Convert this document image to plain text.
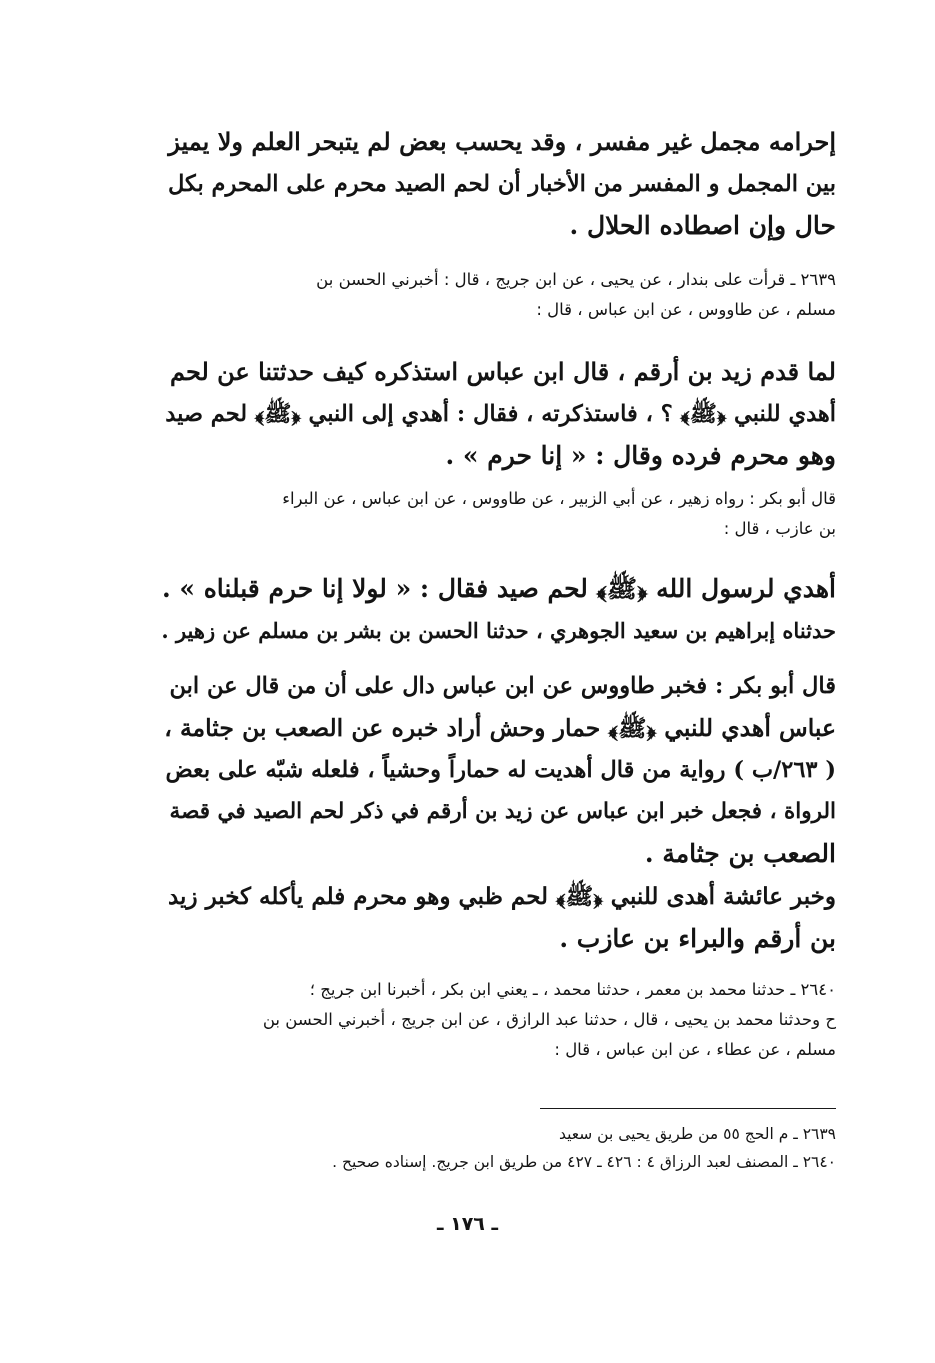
إحرامه مجمل غير مفسر ، وقد يحسب بعض لم يتبحر العلم ولا يميز

بين المجمل و المفسر من الأخبار أن لحم الصيد محرم على المحرم بكل

حال وإن اصطاده الحلال .

٢٦٣٩ ـ قرأت على بندار ، عن يحيى ، عن ابن جريج ، قال : أخبرني الحسن بن

مسلم ، عن طاووس ، عن ابن عباس ، قال :

لما قدم زيد بن أرقم ، قال ابن عباس استذكره كيف حدثتنا عن لحم

أهدي للنبي ﴿ﷺ﴾ ؟ ، فاستذكرته ، فقال : أهدي إلى النبي ﴿ﷺ﴾ لحم صيد

وهو محرم فرده وقال : « إنا حرم » .

قال أبو بكر : رواه زهير ، عن أبي الزبير ، عن طاووس ، عن ابن عباس ، عن البراء

بن عازب ، قال :

أهدي لرسول الله ﴿ﷺ﴾ لحم صيد فقال : « لولا إنا حرم قبلناه » .

حدثناه إبراهيم بن سعيد الجوهري ، حدثنا الحسن بن بشر بن مسلم عن زهير .

قال أبو بكر : فخبر طاووس عن ابن عباس دال على أن من قال عن ابن

عباس أهدي للنبي ﴿ﷺ﴾ حمار وحش أراد خبره عن الصعب بن جثامة ،

( ٢٦٣/ب ) رواية من قال أهديت له حماراً وحشياً ، فلعله شبّه على بعض

الرواة ، فجعل خبر ابن عباس عن زيد بن أرقم في ذكر لحم الصيد في قصة

الصعب بن جثامة .

وخبر عائشة أهدى للنبي ﴿ﷺ﴾ لحم ظبي وهو محرم فلم يأكله كخبر زيد

بن أرقم والبراء بن عازب .

٢٦٤٠ ـ حدثنا محمد بن معمر ، حدثنا محمد ، ـ يعني ابن بكر ، أخبرنا ابن جريج ؛

ح وحدثنا محمد بن يحيى ، قال ، حدثنا عبد الرازق ، عن ابن جريج ، أخبرني الحسن بن

مسلم ، عن عطاء ، عن ابن عباس ، قال :

٢٦٣٩ ـ م الحج ٥٥ من طريق يحيى بن سعيد

٢٦٤٠ ـ المصنف لعبد الرزاق ٤ : ٤٢٦ ـ ٤٢٧ من طريق ابن جريج. إسناده صحيح .

ـ ١٧٦ ـ
